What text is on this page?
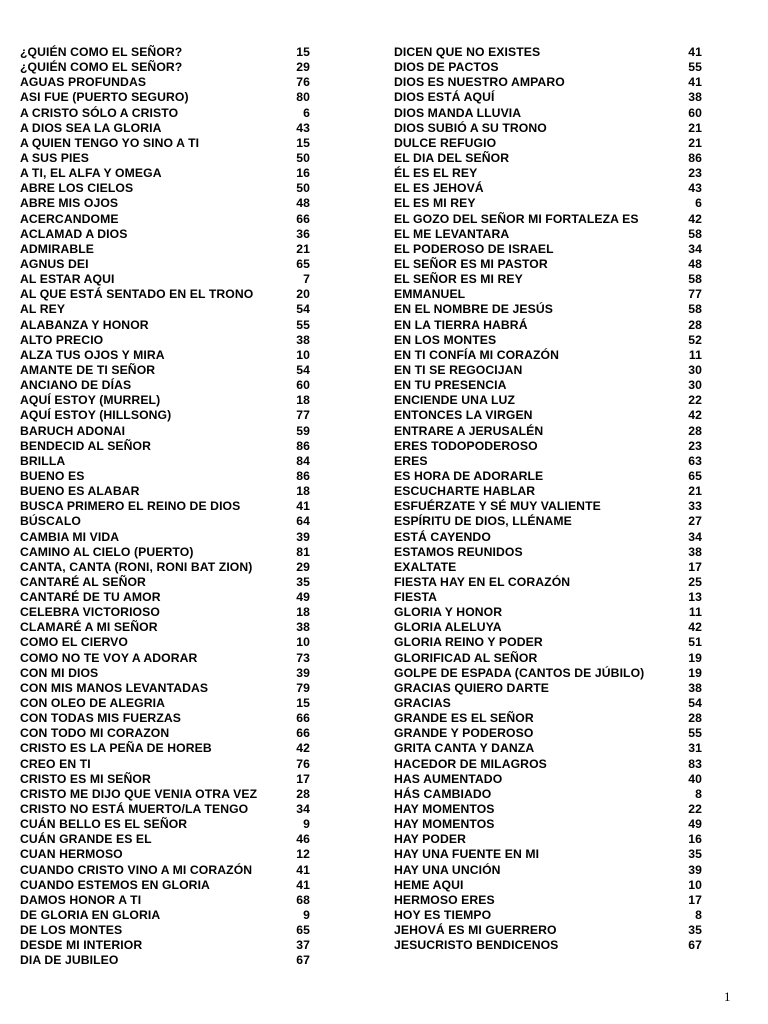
¿QUIÉN COMO EL SEÑOR?	15
¿QUIÉN COMO EL SEÑOR?	29
AGUAS PROFUNDAS	76
ASI FUE (PUERTO SEGURO)	80
A CRISTO SÓLO A CRISTO	6
A DIOS SEA LA GLORIA	43
A QUIEN TENGO YO SINO A TI	15
A SUS PIES	50
A TI, EL ALFA Y OMEGA	16
ABRE LOS CIELOS	50
ABRE MIS OJOS	48
ACERCANDOME	66
ACLAMAD A DIOS	36
ADMIRABLE	21
AGNUS DEI	65
AL ESTAR AQUI	7
AL QUE ESTÁ SENTADO EN EL TRONO	20
AL REY	54
ALABANZA Y HONOR	55
ALTO PRECIO	38
ALZA TUS OJOS Y MIRA	10
AMANTE DE TI SEÑOR	54
ANCIANO DE DÍAS	60
AQUÍ ESTOY (MURREL)	18
AQUÍ ESTOY (HILLSONG)	77
BARUCH ADONAI	59
BENDECID AL SEÑOR	86
BRILLA	84
BUENO ES	86
BUENO ES ALABAR	18
BUSCA PRIMERO EL REINO DE DIOS	41
BÚSCALO	64
CAMBIA MI VIDA	39
CAMINO AL CIELO (PUERTO)	81
CANTA, CANTA (RONI, RONI BAT ZION)	29
CANTARÉ AL SEÑOR	35
CANTARÉ DE TU AMOR	49
CELEBRA VICTORIOSO	18
CLAMARÉ A MI SEÑOR	38
COMO EL CIERVO	10
COMO NO TE VOY A ADORAR	73
CON MI DIOS	39
CON MIS MANOS LEVANTADAS	79
CON OLEO DE ALEGRIA	15
CON TODAS MIS FUERZAS	66
CON TODO MI CORAZON	66
CRISTO ES LA PEÑA DE HOREB	42
CREO EN TI	76
CRISTO ES MI SEÑOR	17
CRISTO ME DIJO QUE VENIA OTRA VEZ	28
CRISTO NO ESTÁ MUERTO/LA TENGO	34
CUÁN BELLO ES EL SEÑOR	9
CUÁN GRANDE ES EL	46
CUAN HERMOSO	12
CUANDO CRISTO VINO A MI CORAZÓN	41
CUANDO ESTEMOS EN GLORIA	41
DAMOS HONOR A TI	68
DE GLORIA EN GLORIA	9
DE LOS MONTES	65
DESDE MI INTERIOR	37
DIA DE JUBILEO	67
DICEN QUE NO EXISTES	41
DIOS DE PACTOS	55
DIOS ES NUESTRO AMPARO	41
DIOS ESTÁ AQUÍ	38
DIOS MANDA LLUVIA	60
DIOS SUBIÓ A SU TRONO	21
DULCE REFUGIO	21
EL DIA DEL SEÑOR	86
ÉL ES EL REY	23
EL ES JEHOVÁ	43
EL ES MI REY	6
EL GOZO DEL SEÑOR MI FORTALEZA ES	42
EL ME LEVANTARA	58
EL PODEROSO DE ISRAEL	34
EL SEÑOR ES MI PASTOR	48
EL SEÑOR ES MI REY	58
EMMANUEL	77
EN EL NOMBRE DE JESÚS	58
EN LA TIERRA HABRÁ	28
EN LOS MONTES	52
EN TI CONFÍA MI CORAZÓN	11
EN TI SE REGOCIJAN	30
EN TU PRESENCIA	30
ENCIENDE UNA LUZ	22
ENTONCES LA VIRGEN	42
ENTRARE A JERUSALÉN	28
ERES TODOPODEROSO	23
ERES	63
ES HORA DE ADORARLE	65
ESCUCHARTE HABLAR	21
ESFUÉRZATE Y SÉ MUY VALIENTE	33
ESPÍRITU DE DIOS, LLÉNAME	27
ESTÁ CAYENDO	34
ESTAMOS REUNIDOS	38
EXALTATE	17
FIESTA HAY EN EL CORAZÓN	25
FIESTA	13
GLORIA Y HONOR	11
GLORIA ALELUYA	42
GLORIA REINO Y PODER	51
GLORIFICAD AL SEÑOR	19
GOLPE DE ESPADA (CANTOS DE JÚBILO)	19
GRACIAS QUIERO DARTE	38
GRACIAS	54
GRANDE ES EL SEÑOR	28
GRANDE Y PODEROSO	55
GRITA CANTA Y DANZA	31
HACEDOR DE MILAGROS	83
HAS AUMENTADO	40
HÁS CAMBIADO	8
HAY MOMENTOS	22
HAY MOMENTOS	49
HAY PODER	16
HAY UNA FUENTE EN MI	35
HAY UNA UNCIÓN	39
HEME AQUI	10
HERMOSO ERES	17
HOY ES TIEMPO	8
JEHOVÁ ES MI GUERRERO	35
JESUCRISTO BENDICENOS	67
1
